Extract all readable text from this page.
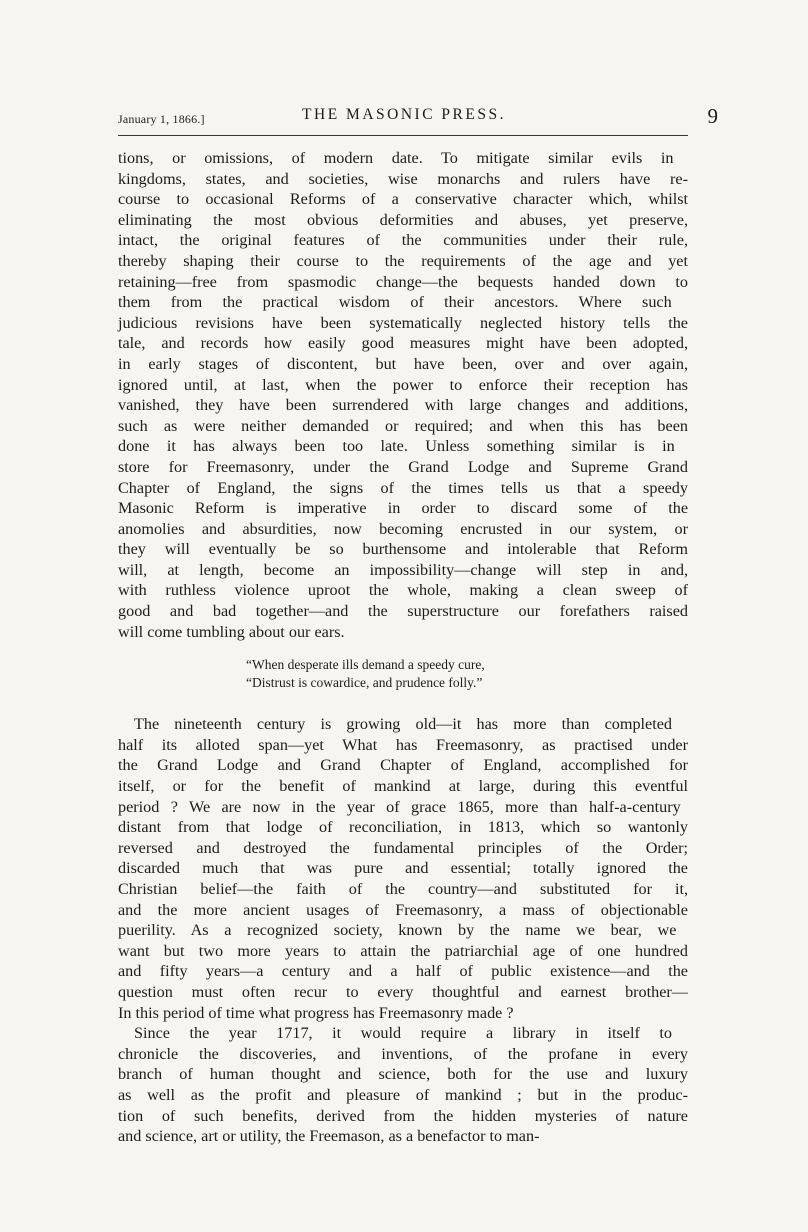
January 1, 1866.]	THE MASONIC PRESS.	9
tions, or omissions, of modern date. To mitigate similar evils in
kingdoms, states, and societies, wise monarchs and rulers have re-
course to occasional Reforms of a conservative character which, whilst
eliminating the most obvious deformities and abuses, yet preserve,
intact, the original features of the communities under their rule,
thereby shaping their course to the requirements of the age and yet
retaining—free from spasmodic change—the bequests handed down to
them from the practical wisdom of their ancestors. Where such
judicious revisions have been systematically neglected history tells the
tale, and records how easily good measures might have been adopted,
in early stages of discontent, but have been, over and over again,
ignored until, at last, when the power to enforce their reception has
vanished, they have been surrendered with large changes and additions,
such as were neither demanded or required; and when this has been
done it has always been too late. Unless something similar is in
store for Freemasonry, under the Grand Lodge and Supreme Grand
Chapter of England, the signs of the times tells us that a speedy
Masonic Reform is imperative in order to discard some of the
anomolies and absurdities, now becoming encrusted in our system, or
they will eventually be so burthensome and intolerable that Reform
will, at length, become an impossibility—change will step in and,
with ruthless violence uproot the whole, making a clean sweep of
good and bad together—and the superstructure our forefathers raised
will come tumbling about our ears.
“When desperate ills demand a speedy cure,
“Distrust is cowardice, and prudence folly.”
The nineteenth century is growing old—it has more than completed
half its alloted span—yet What has Freemasonry, as practised under
the Grand Lodge and Grand Chapter of England, accomplished for
itself, or for the benefit of mankind at large, during this eventful
period ? We are now in the year of grace 1865, more than half-a-century
distant from that lodge of reconciliation, in 1813, which so wantonly
reversed and destroyed the fundamental principles of the Order;
discarded much that was pure and essential; totally ignored the
Christian belief—the faith of the country—and substituted for it,
and the more ancient usages of Freemasonry, a mass of objectionable
puerility. As a recognized society, known by the name we bear, we
want but two more years to attain the patriarchial age of one hundred
and fifty years—a century and a half of public existence—and the
question must often recur to every thoughtful and earnest brother—
In this period of time what progress has Freemasonry made ?
Since the year 1717, it would require a library in itself to
chronicle the discoveries, and inventions, of the profane in every
branch of human thought and science, both for the use and luxury
as well as the profit and pleasure of mankind ; but in the produc-
tion of such benefits, derived from the hidden mysteries of nature
and science, art or utility, the Freemason, as a benefactor to man-
